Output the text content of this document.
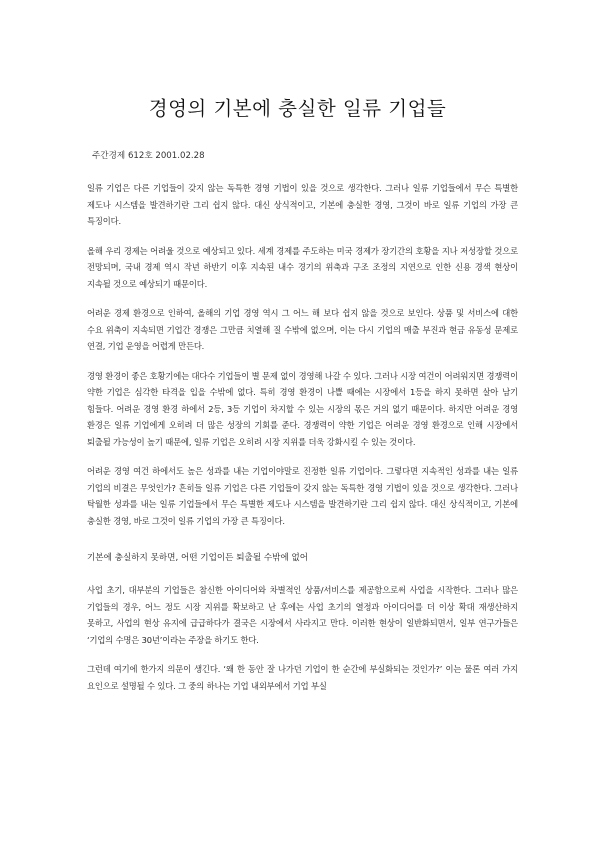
경영의 기본에 충실한 일류 기업들
주간경제 612호 2001.02.28

일류 기업은 다른 기업들이 갖지 않는 독특한 경영 기법이 있을 것으로 생각한다. 그러나 일류 기업들에서 무슨 특별한 제도나 시스템을 발견하기란 그리 쉽지 않다. 대신 상식적이고, 기본에 충실한 경영, 그것이 바로 일류 기업의 가장 큰 특징이다.

올해 우리 경제는 어려울 것으로 예상되고 있다. 세계 경제를 주도하는 미국 경제가 장기간의 호황을 지나 저성장할 것으로 전망되며, 국내 경제 역시 작년 하반기 이후 지속된 내수 경기의 위축과 구조 조정의 지연으로 인한 신용 경색 현상이 지속될 것으로 예상되기 때문이다.

어려운 경제 환경으로 인하여, 올해의 기업 경영 역시 그 어느 해 보다 쉽지 않을 것으로 보인다. 상품 및 서비스에 대한 수요 위축이 지속되면 기업간 경쟁은 그만큼 치열해 질 수밖에 없으며, 이는 다시 기업의 매출 부진과 현금 유동성 문제로 연결, 기업 운영을 어렵게 만든다.

경영 환경이 좋은 호황기에는 대다수 기업들이 별 문제 없이 경영해 나갈 수 있다. 그러나 시장 여건이 어려워지면 경쟁력이 약한 기업은 심각한 타격을 입을 수밖에 없다. 특히 경영 환경이 나쁠 때에는 시장에서 1등을 하지 못하면 살아 남기 힘들다. 어려운 경영 환경 하에서 2등, 3등 기업이 차지할 수 있는 시장의 몫은 거의 없기 때문이다. 하지만 어려운 경영 환경은 일류 기업에게 오히려 더 많은 성장의 기회를 준다. 경쟁력이 약한 기업은 어려운 경영 환경으로 인해 시장에서 퇴출될 가능성이 높기 때문에, 일류 기업은 오히려 시장 지위를 더욱 강화시킬 수 있는 것이다.

어려운 경영 여건 하에서도 높은 성과를 내는 기업이야말로 진정한 일류 기업이다. 그렇다면 지속적인 성과를 내는 일류 기업의 비결은 무엇인가? 흔히들 일류 기업은 다른 기업들이 갖지 않는 독특한 경영 기법이 있을 것으로 생각한다. 그러나 탁월한 성과를 내는 일류 기업들에서 무슨 특별한 제도나 시스템을 발견하기란 그리 쉽지 않다. 대신 상식적이고, 기본에 충실한 경영, 바로 그것이 일류 기업의 가장 큰 특징이다.

기본에 충실하지 못하면, 어떤 기업이든 퇴출될 수밖에 없어

사업 초기, 대부분의 기업들은 참신한 아이디어와 차별적인 상품/서비스를 제공함으로써 사업을 시작한다. 그러나 많은 기업들의 경우, 어느 정도 시장 지위를 확보하고 난 후에는 사업 초기의 열정과 아이디어를 더 이상 확대 재생산하지 못하고, 사업의 현상 유지에 급급하다가 결국은 시장에서 사라지고 만다. 이러한 현상이 일반화되면서, 일부 연구가들은 ‘기업의 수명은 30년’이라는 주장을 하기도 한다.

그런데 여기에 한가지 의문이 생긴다. ‘왜 한 동안 잘 나가던 기업이 한 순간에 부실화되는 것인가?’ 이는 물론 여러 가지 요인으로 설명될 수 있다. 그 중의 하나는 기업 내외부에서 기업 부실
